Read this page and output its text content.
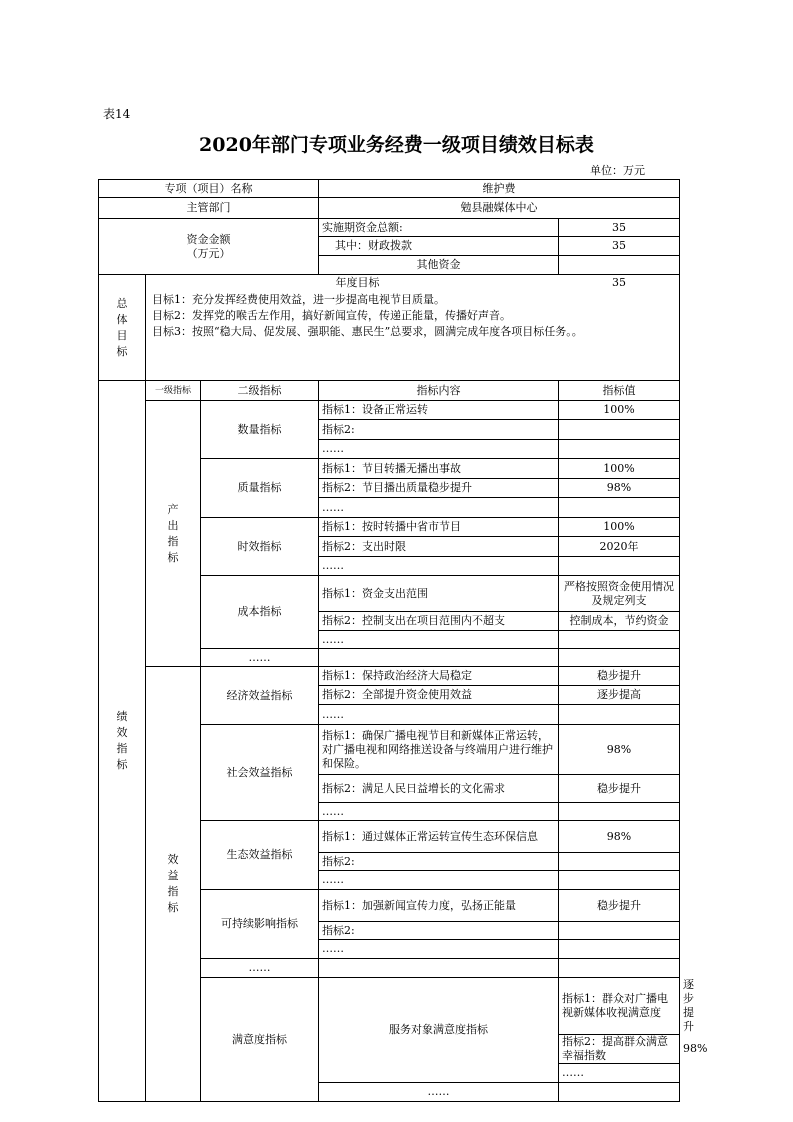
表14
2020年部门专项业务经费一级项目绩效目标表
单位：万元
专项（项目）名称			维护费		
主管部门			勉县融媒体中心		

资金金额
（万元）			实施期资金总额:	35	
			其中：财政拨款	35	
			其他资金		

总体目标	年度目标 35
目标1：充分发挥经费使用效益，进一步提高电视节目质量。
目标2：发挥党的喉舌左作用，搞好新闻宣传，传递正能量，传播好声音。
目标3：按照“稳大局、促发展、强职能、惠民生”总要求，圆满完成年度各项目标任务。。				

绩效指标	一级指标	二级指标	指标内容	指标值	

	产出指标	数量指标	指标1：设备正常运转	100%	
			指标2:		
			……		
		质量指标	指标1：节目转播无播出事故	100%	
			指标2：节目播出质量稳步提升	98%	
			……		
		时效指标	指标1：按时转播中省市节目	100%	
			指标2：支出时限	2020年	
			……		
		成本指标	指标1：资金支出范围	严格按照资金使用情况及规定列支	
			指标2：控制支出在项目范围内不超支	控制成本，节约资金	
			……		
		……			

	效益指标	经济效益指标	指标1：保持政治经济大局稳定	稳步提升	
			指标2：全部提升资金使用效益	逐步提高	
			……		
		社会效益指标	指标1：确保广播电视节目和新媒体正常运转，对广播电视和网络推送设备与终端用户进行维护和保险。	98%	
			指标2：满足人民日益增长的文化需求	稳步提升	
			……		
		生态效益指标	指标1：通过媒体正常运转宣传生态环保信息	98%	
			指标2:		
			……		
		可持续影响指标	指标1：加强新闻宣传力度，弘扬正能量	稳步提升	
			指标2:		
			……		
		……			
		满意度指标	服务对象满意度指标	指标1：群众对广播电视新媒体收视满意度	逐步提升
				指标2：提高群众满意幸福指数	98%
				……	
			……		
